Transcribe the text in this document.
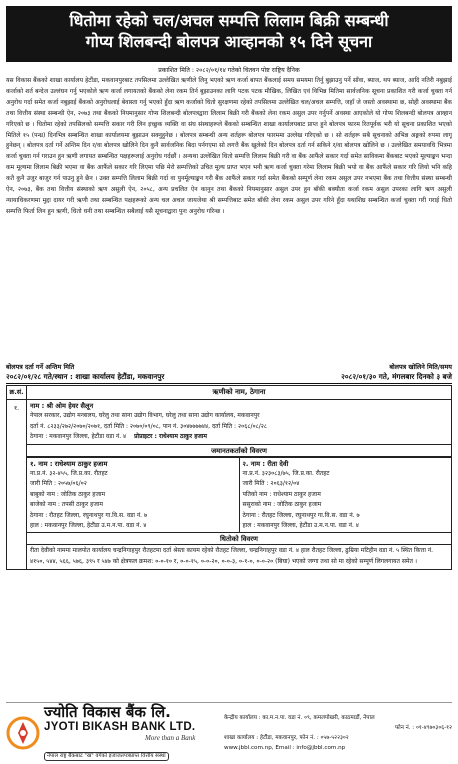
धितोमा रहेको चल/अचल सम्पत्ति लिलाम बिक्री सम्बन्धी
गोप्य शिलबन्दी बोलपत्र आव्हानको १५ दिने सूचना
प्रकाशित मिति : २०८२/०१/१४ गतेको चितवन पोष्ट राष्ट्रिय दैनिक
यस विकास बैंकको शाखा कार्यालय हेटौंडा, मकवानपुरबाट तपसिलमा उल्लेखित ऋणीले लिनु भएको ऋण कर्जा बापत बैंकलाई समय समयमा तिर्नु बुझाउनु पर्ने साँवा, ब्याज, थप ब्याज, आदि नतिरी नबुझाई कर्जाको शर्त बन्देज उल्लंघन गर्नु भएकोले ऋण कर्जा लगायतको बैंकको लेना रकम तिर्न बुझाउनका लागि पटक पटक मौखिक, लिखित एवं विभिन्न मितिमा सार्वजनिक सूचना प्रकाशित गरी कर्जा चुक्ता गर्न अनुरोध गर्दा समेत कर्जा नबुझाई बैंकको अनुरोधलाई बेवास्ता गर्नु भएको हुँदा ऋण कर्जाको धितो सुरक्षणमा रहेको तपसिलमा उल्लेखित चल/अचल सम्पत्ति, जहाँ जे जस्तो अवस्थामा छ, सोही अवस्थामा बैंक तथा वित्तीय संस्था सम्बन्धी ऐन, २०७३ तथा बैंकको नियमानुसार गोप्य शिलबन्दी बोलपत्रद्वारा लिलाम बिक्री गरी बैंकको लेना रकम असुल उपर गर्नुपर्ने अवस्था आएकोले यो गोप्य शिलबन्दी बोलपत्र आव्हान गरिएको छ । धितोमा रहेको तपसिलको सम्पत्ति सकार गरी लिन इच्छुक व्यक्ति वा संघ संस्थाहरूले बैंकको सम्बन्धित शाखा कार्यालयबाट प्राप्त हुने बोलपत्र फारम रितपूर्वक भरी यो सूचना प्रकाशित भएको मितिले १५ (पन्ध्र) दिनभित्र सम्बन्धित शाखा कार्यालयमा बुझाउन सक्नुहुनेछ । बोलपत्र सम्बन्धी अन्य शर्तहरू बोलपत्र फारममा उल्लेख गरिएको छ । सो शर्तहरू सबै सूचनाको अभिन्न अङ्गको रुपमा लागू हुनेछन् । बोलपत्र दर्ता गर्ने अन्तिम दिन र/वा बोलपत्र खोलिने दिन कुनै सार्वजनिक बिदा पर्नगएमा सो लगत्तै बैंक खुलेको दिन बोलपत्र दर्ता गर्न सकिने र/वा बोलपत्र खोलिने छ । उल्लेखित समयावधि भित्रमा कर्जा चुक्ता गर्न गराउन हुन ऋणी लगायत सम्बन्धित पक्षहरूलाई अनुरोध गर्दछौं । अन्यथा उल्लेखित धितो सम्पत्ति लिलाम बिक्री गरी वा बैंक आफैंले सकार गर्दा समेत साविकमा बैंकबाट भएको मूल्याङ्कन भन्दा कम मूल्यमा लिलाम बिक्री भएमा वा बैंक आफैंले सकार गरि लिएमा पछि मेरो सम्पत्तिको उचित मूल्य प्राप्त भएन भनी ऋण कर्जा चुक्ता गरेमा लिलाम बिक्री भयो वा बैंक आफैंले सकार गरि लियो भनि कहि कतै कुनै उजुर बाजुर गर्न पाउनु हुने छैन । उक्त सम्पत्ति लिलाम बिक्री गर्दा वा पुनर्मूल्याङ्कन गरी बैंक आफैंले सकार गर्दा समेत बैंकको सम्पूर्ण लेना रकम असुल उपर नभएमा बैंक तथा वित्तीय संस्था सम्बन्धी ऐन, २०७३, बैंक तथा वित्तीय संस्थाको ऋण असुली ऐन, २०५८, अन्य प्रचलित ऐन कानुन तथा बैंकको नियमानुसार असुल उपर हुन बाँकी बक्यौता कर्जा रकम असुल उपरका लागि ऋण असुली न्यायाधिकरणमा मुद्दा दायर गरी ऋणी तथा सम्बन्धित पक्षहरूको अन्य चल अचल जायजेथा श्री सम्पत्तिबाट समेत बाँकी लेना रकम असुल उपर गरिने हुँदा यथाशिघ्र सम्बन्धित कर्जा चुक्ता गरी गराई धितो सम्पत्ति फिर्ता लिन हुन ऋणी, धितो धनी तथा सम्बन्धित सबैलाई यसै सूचनाद्वारा पुनः अनुरोध गरिन्छ ।
बोलपत्र दर्ता गर्ने अन्तिम मिति
२०८२/०१/२८ गते/स्थान : शाखा कार्यालय हेटौंडा, मकवानपुर
बोलपत्र खोलिने मिति/समय
२०८२/०१/३० गते, मंगलबार दिनको ३ बजे
क्र.सं.	ऋणीको नाम, ठेगाना
१.	नाम : श्री ओम हेयर सैलून
नेपाल सरकार, उद्योग मन्त्रालय, घरेलु तथा साना उद्योग विभाग, घरेलु तथा साना उद्योग कार्यालय, मकवानपुर
दर्ता नं. ८२३३/२७२/२०७०/२०७१, दर्ता मिति : २०७०/०९/०८, पान नं. ३०४७७७७४४, दर्ता मिति : २०६८/०८/२८
ठेगाना : मकवानपुर जिल्ला, हेटौंडा वडा नं. ४ प्रोप्राइटर : राधेश्याम ठाकुर हजाम
जमानतकर्ताको विवरण
१. नाम : राधेश्याम ठाकुर हजाम
ना.प्र.नं. ३२-४५५, जि.प्र.का. रौतहट
जारी मिति : २०५७/०६/०२
बाबुको नाम : जोतिक ठाकुर हजाम
बाजेको नाम : तपसी ठाकुर हजाम
ठेगाना : रौतहट जिल्ला, रघुनाथपुर गा.वि.स. वडा नं. ७
हाल : मकवानपुर जिल्ला, हेटौंडा उ.म.न.पा. वडा नं. ४

२. नाम : रीता देवी
ना.प्र.नं. ३२३०८३/७५, जि.प्र.का. रौतहट
जारी मिति : २०६३/१२/०४
पतिको नाम : राधेश्याम ठाकुर हजाम
ससुराको नाम : जोतिक ठाकुर हजाम
ठेगाना : रौतहट जिल्ला, रघुनाथपुर गा.वि.स. वडा नं. ७
हाल : मकवानपुर जिल्ला, हेटौंडा उ.म.न.पा. वडा नं. ४
धितोको विवरण
रीता देवीको नाममा मालपोत कार्यालय चन्द्रनिगाहपुर रौतहटमा दर्ता श्रेस्ता कायम रहेको रौतहट जिल्ला, चन्द्रनिगाहपुर वडा नं. ४ हाल रौतहट जिल्ला, ढुम्रिया मटिहीन वडा नं. ५ स्थित कित्ता नं. ४१५०, ५४४, ५६६, ५७६, ३९५ र ५४७ को क्षेत्रफल क्रमश: ०-०-१० र, ०-०-१५, ०-०-२०, ०-०-३, ०-१-०, ०-०-२० (बिघा) भएको जग्गा तथा सो मा रहेको सम्पूर्ण लिगलगायत समेत ।
ज्योति विकास बैंक लि.
JYOTI BIKASH BANK LTD.
More than a Bank
नेपाल राष्ट्र बैंकबाट "ख" वर्गको इजाजतपत्रप्राप्त वित्तीय संस्था
केन्द्रीय कार्यालय : का.म.न.पा. वडा नं. ०९, कमलपोखरी, काठमाडौं, नेपाल
फोन नं. : ०१-४९७०३०६-१२
शाखा कार्यालय : हेटौंडा, मकवानपुर, फोन नं. : ०५७-५२२३०२
www.jbbl.com.np, Email : info@jbbl.com.np
